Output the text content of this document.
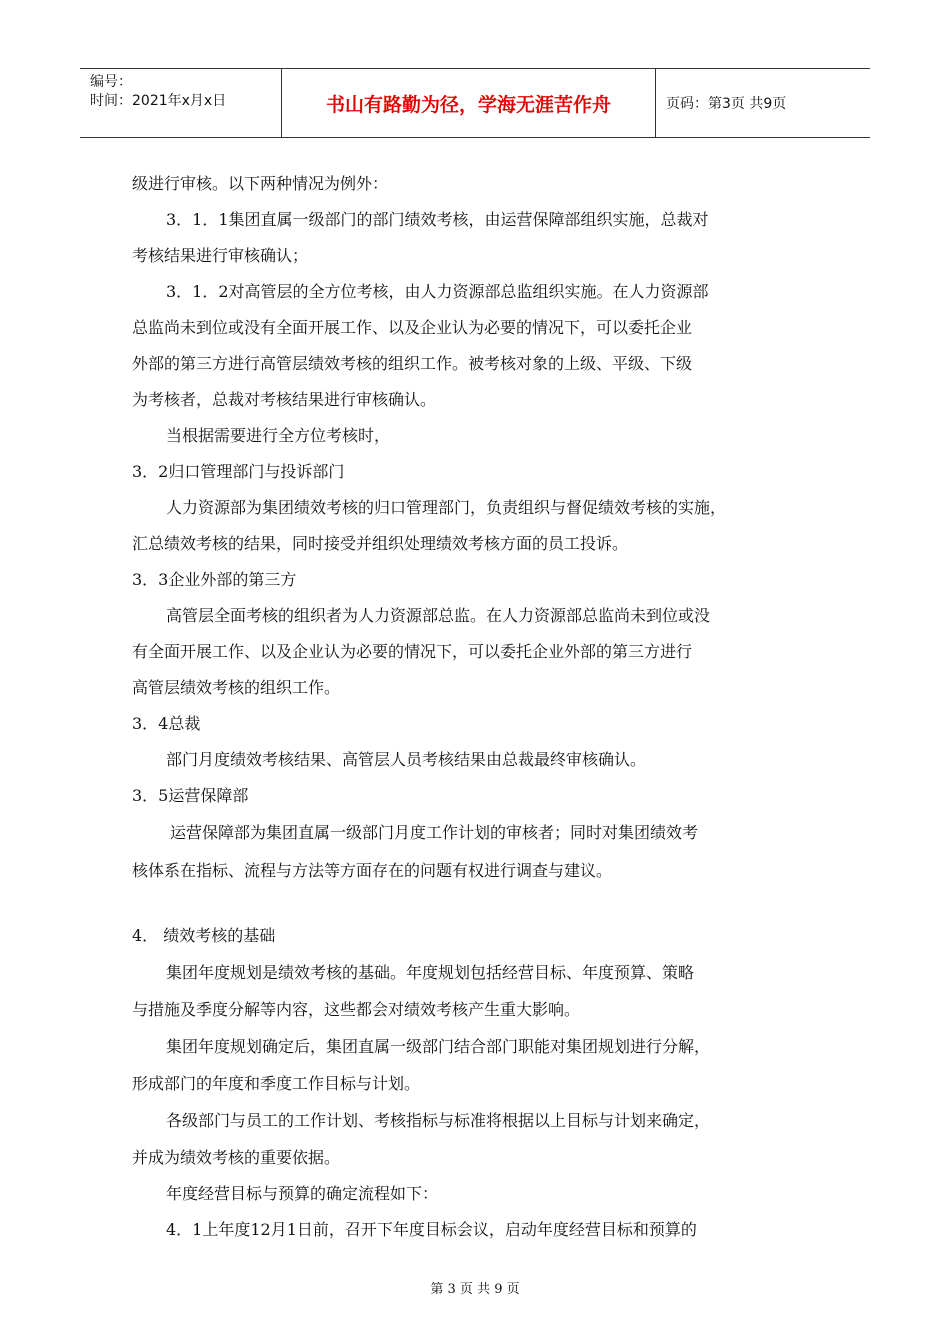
编号：
时间：2021年x月x日	书山有路勤为径，学海无涯苦作舟	页码：第3页 共9页
级进行审核。以下两种情况为例外：
3．1．1集团直属一级部门的部门绩效考核，由运营保障部组织实施，总裁对
考核结果进行审核确认；
3．1．2对高管层的全方位考核，由人力资源部总监组织实施。在人力资源部
总监尚未到位或没有全面开展工作、以及企业认为必要的情况下，可以委托企业
外部的第三方进行高管层绩效考核的组织工作。被考核对象的上级、平级、下级
为考核者，总裁对考核结果进行审核确认。
当根据需要进行全方位考核时，
3．2归口管理部门与投诉部门
人力资源部为集团绩效考核的归口管理部门，负责组织与督促绩效考核的实施，
汇总绩效考核的结果，同时接受并组织处理绩效考核方面的员工投诉。
3．3企业外部的第三方
高管层全面考核的组织者为人力资源部总监。在人力资源部总监尚未到位或没
有全面开展工作、以及企业认为必要的情况下，可以委托企业外部的第三方进行
高管层绩效考核的组织工作。
3．4总裁
部门月度绩效考核结果、高管层人员考核结果由总裁最终审核确认。
3．5运营保障部
运营保障部为集团直属一级部门月度工作计划的审核者；同时对集团绩效考
核体系在指标、流程与方法等方面存在的问题有权进行调查与建议。
4． 绩效考核的基础
集团年度规划是绩效考核的基础。年度规划包括经营目标、年度预算、策略
与措施及季度分解等内容，这些都会对绩效考核产生重大影响。
集团年度规划确定后，集团直属一级部门结合部门职能对集团规划进行分解，
形成部门的年度和季度工作目标与计划。
各级部门与员工的工作计划、考核指标与标准将根据以上目标与计划来确定，
并成为绩效考核的重要依据。
年度经营目标与预算的确定流程如下：
4．1上年度12月1日前，召开下年度目标会议，启动年度经营目标和预算的
第 3 页 共 9 页
